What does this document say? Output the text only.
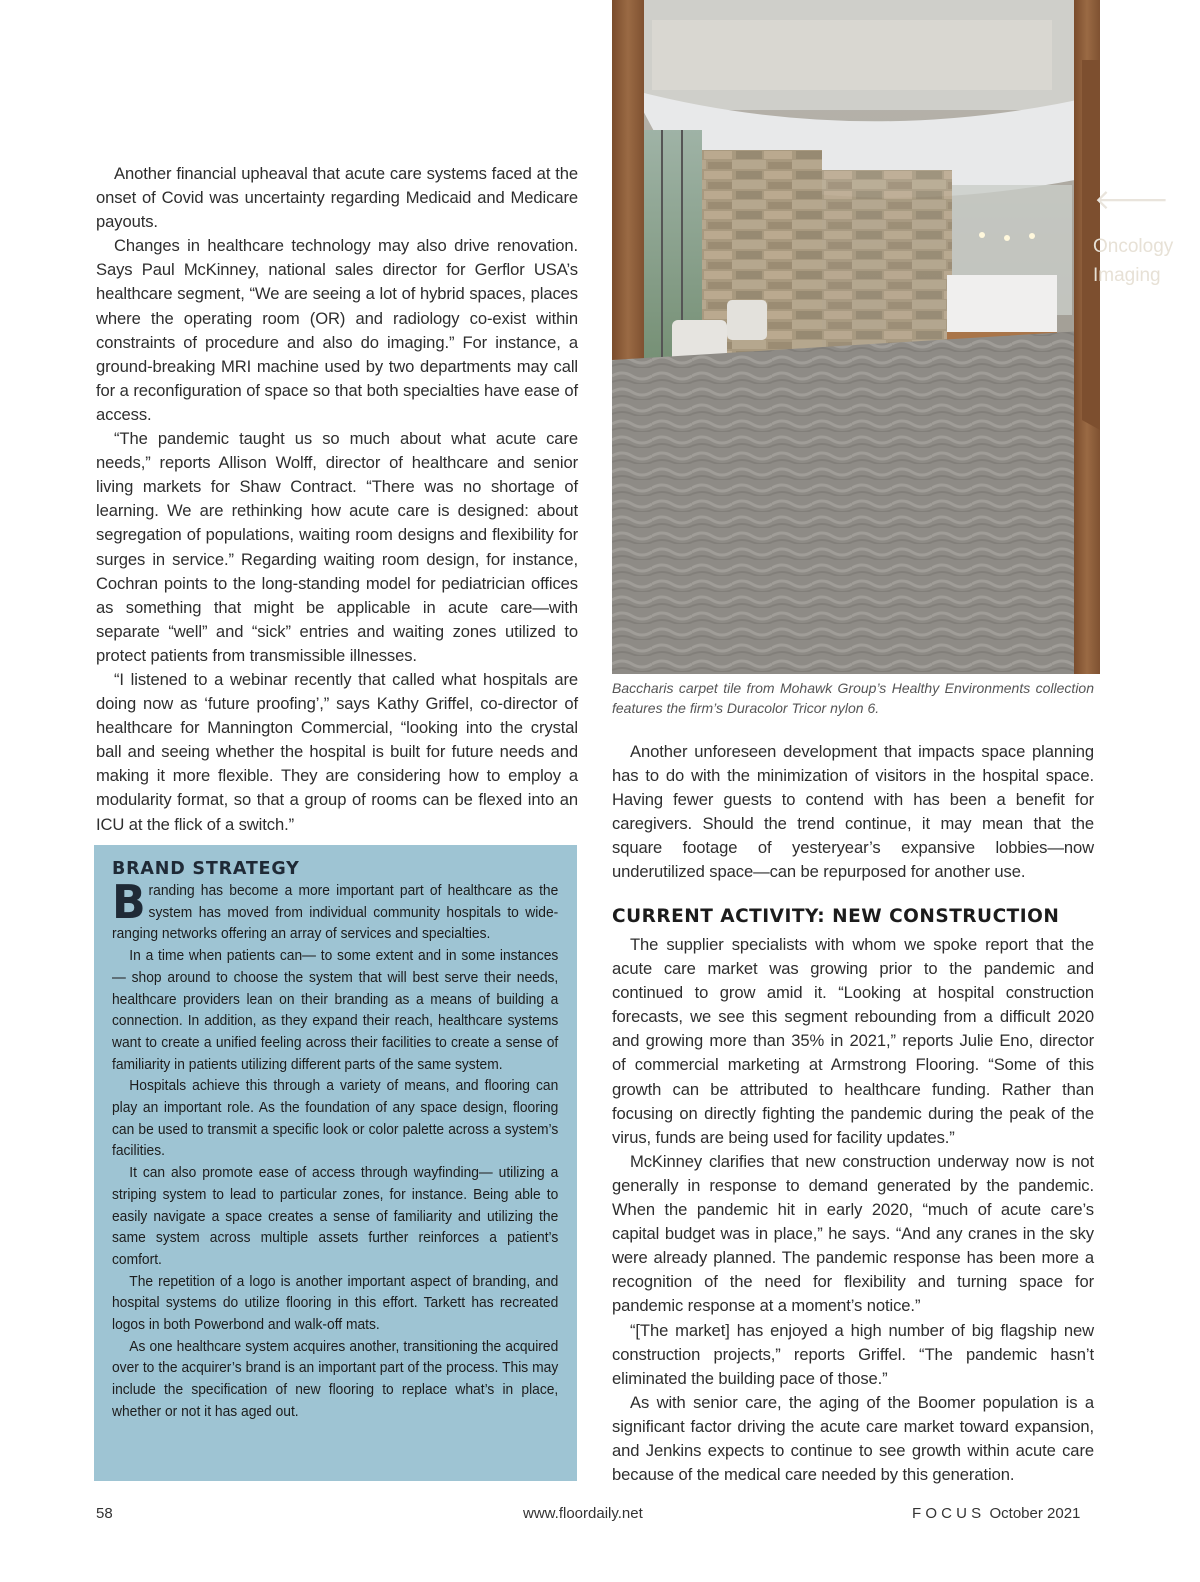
Another financial upheaval that acute care systems faced at the onset of Covid was uncertainty regarding Medicaid and Medicare payouts.

Changes in healthcare technology may also drive renovation. Says Paul McKinney, national sales director for Gerflor USA’s healthcare segment, “We are seeing a lot of hybrid spaces, places where the operating room (OR) and radiology co-exist within constraints of procedure and also do imaging.” For instance, a ground-breaking MRI machine used by two departments may call for a reconfiguration of space so that both specialties have ease of access.

“The pandemic taught us so much about what acute care needs,” reports Allison Wolff, director of healthcare and senior living markets for Shaw Contract. “There was no shortage of learning. We are rethinking how acute care is designed: about segregation of populations, waiting room designs and flexibility for surges in service.” Regarding waiting room design, for instance, Cochran points to the long-standing model for pediatrician offices as something that might be applicable in acute care—with separate “well” and “sick” entries and waiting zones utilized to protect patients from transmissible illnesses.

“I listened to a webinar recently that called what hospitals are doing now as ‘future proofing’,” says Kathy Griffel, co-director of healthcare for Mannington Commercial, “looking into the crystal ball and seeing whether the hospital is built for future needs and making it more flexible. They are considering how to employ a modularity format, so that a group of rooms can be flexed into an ICU at the flick of a switch.”

🡐
Oncology
Imaging
Baccharis carpet tile from Mohawk Group’s Healthy Environments collection features the firm’s Duracolor Tricor nylon 6.

Another unforeseen development that impacts space planning has to do with the minimization of visitors in the hospital space. Having fewer guests to contend with has been a benefit for caregivers. Should the trend continue, it may mean that the square footage of yesteryear’s expansive lobbies—now underutilized space—can be repurposed for another use.

CURRENT ACTIVITY: NEW CONSTRUCTION

The supplier specialists with whom we spoke report that the acute care market was growing prior to the pandemic and continued to grow amid it. “Looking at hospital construction forecasts, we see this segment rebounding from a difficult 2020 and growing more than 35% in 2021,” reports Julie Eno, director of commercial marketing at Armstrong Flooring. “Some of this growth can be attributed to healthcare funding. Rather than focusing on directly fighting the pandemic during the peak of the virus, funds are being used for facility updates.”

McKinney clarifies that new construction underway now is not generally in response to demand generated by the pandemic. When the pandemic hit in early 2020, “much of acute care’s capital budget was in place,” he says. “And any cranes in the sky were already planned. The pandemic response has been more a recognition of the need for flexibility and turning space for pandemic response at a moment’s notice.”

“[The market] has enjoyed a high number of big flagship new construction projects,” reports Griffel. “The pandemic hasn’t eliminated the building pace of those.”

As with senior care, the aging of the Boomer population is a significant factor driving the acute care market toward expansion, and Jenkins expects to continue to see growth within acute care because of the medical care needed by this generation.

BRAND STRATEGY

Branding has become a more important part of healthcare as the system has moved from individual community hospitals to wide-ranging networks offering an array of services and specialties.

In a time when patients can— to some extent and in some instances— shop around to choose the system that will best serve their needs, healthcare providers lean on their branding as a means of building a connection. In addition, as they expand their reach, healthcare systems want to create a unified feeling across their facilities to create a sense of familiarity in patients utilizing different parts of the same system.

Hospitals achieve this through a variety of means, and flooring can play an important role. As the foundation of any space design, flooring can be used to transmit a specific look or color palette across a system’s facilities.

It can also promote ease of access through wayfinding— utilizing a striping system to lead to particular zones, for instance. Being able to easily navigate a space creates a sense of familiarity and utilizing the same system across multiple assets further reinforces a patient’s comfort.

The repetition of a logo is another important aspect of branding, and hospital systems do utilize flooring in this effort. Tarkett has recreated logos in both Powerbond and walk-off mats.

As one healthcare system acquires another, transitioning the acquired over to the acquirer’s brand is an important part of the process. This may include the specification of new flooring to replace what’s in place, whether or not it has aged out.

58	www.floordaily.net	F O C U S  October 2021
